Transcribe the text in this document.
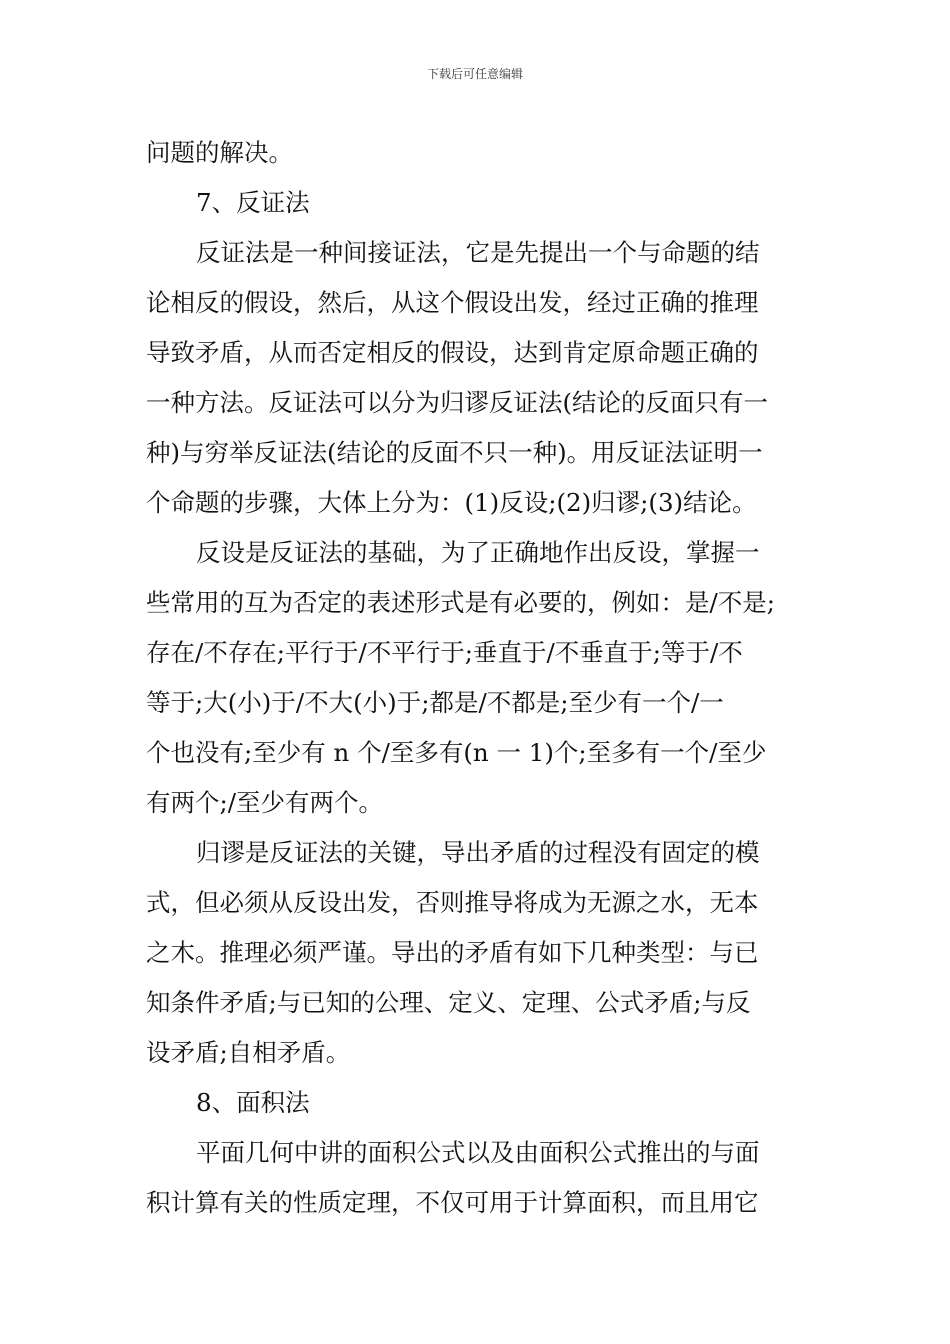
下载后可任意编辑
问题的解决。
7、反证法
反证法是一种间接证法，它是先提出一个与命题的结
论相反的假设，然后，从这个假设出发，经过正确的推理
导致矛盾，从而否定相反的假设，达到肯定原命题正确的
一种方法。反证法可以分为归谬反证法(结论的反面只有一
种)与穷举反证法(结论的反面不只一种)。用反证法证明一
个命题的步骤，大体上分为：(1)反设;(2)归谬;(3)结论。
反设是反证法的基础，为了正确地作出反设，掌握一
些常用的互为否定的表述形式是有必要的，例如：是/不是;
存在/不存在;平行于/不平行于;垂直于/不垂直于;等于/不
等于;大(小)于/不大(小)于;都是/不都是;至少有一个/一
个也没有;至少有 n 个/至多有(n 一 1)个;至多有一个/至少
有两个;/至少有两个。
归谬是反证法的关键，导出矛盾的过程没有固定的模
式，但必须从反设出发，否则推导将成为无源之水，无本
之木。推理必须严谨。导出的矛盾有如下几种类型：与已
知条件矛盾;与已知的公理、定义、定理、公式矛盾;与反
设矛盾;自相矛盾。
8、面积法
平面几何中讲的面积公式以及由面积公式推出的与面
积计算有关的性质定理，不仅可用于计算面积，而且用它
